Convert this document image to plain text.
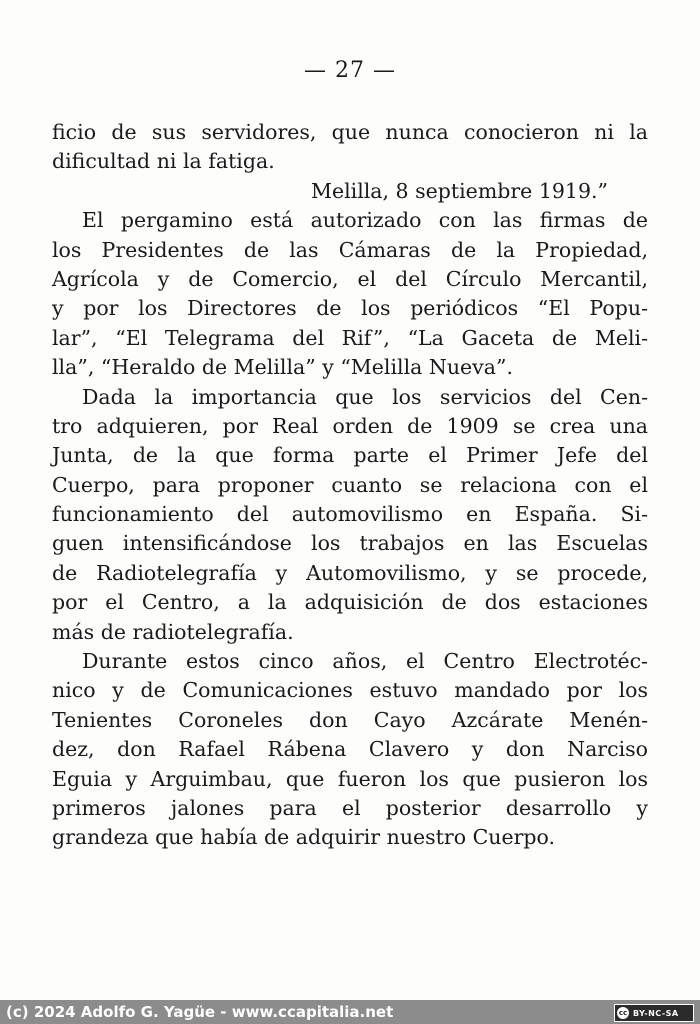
— 27 —
ficio de sus servidores, que nunca conocieron ni la
dificultad ni la fatiga.
Melilla, 8 septiembre 1919.”
El pergamino está autorizado con las firmas de
los Presidentes de las Cámaras de la Propiedad,
Agrícola y de Comercio, el del Círculo Mercantil,
y por los Directores de los periódicos “El Popu-
lar”, “El Telegrama del Rif”, “La Gaceta de Meli-
lla”, “Heraldo de Melilla” y “Melilla Nueva”.
Dada la importancia que los servicios del Cen-
tro adquieren, por Real orden de 1909 se crea una
Junta, de la que forma parte el Primer Jefe del
Cuerpo, para proponer cuanto se relaciona con el
funcionamiento del automovilismo en España. Si-
guen intensificándose los trabajos en las Escuelas
de Radiotelegrafía y Automovilismo, y se procede,
por el Centro, a la adquisición de dos estaciones
más de radiotelegrafía.
Durante estos cinco años, el Centro Electrotéc-
nico y de Comunicaciones estuvo mandado por los
Tenientes Coroneles don Cayo Azcárate Menén-
dez, don Rafael Rábena Clavero y don Narciso
Eguia y Arguimbau, que fueron los que pusieron los
primeros jalones para el posterior desarrollo y
grandeza que había de adquirir nuestro Cuerpo.
(c) 2024 Adolfo G. Yagüe - www.ccapitalia.net	cc BY-NC-SA
